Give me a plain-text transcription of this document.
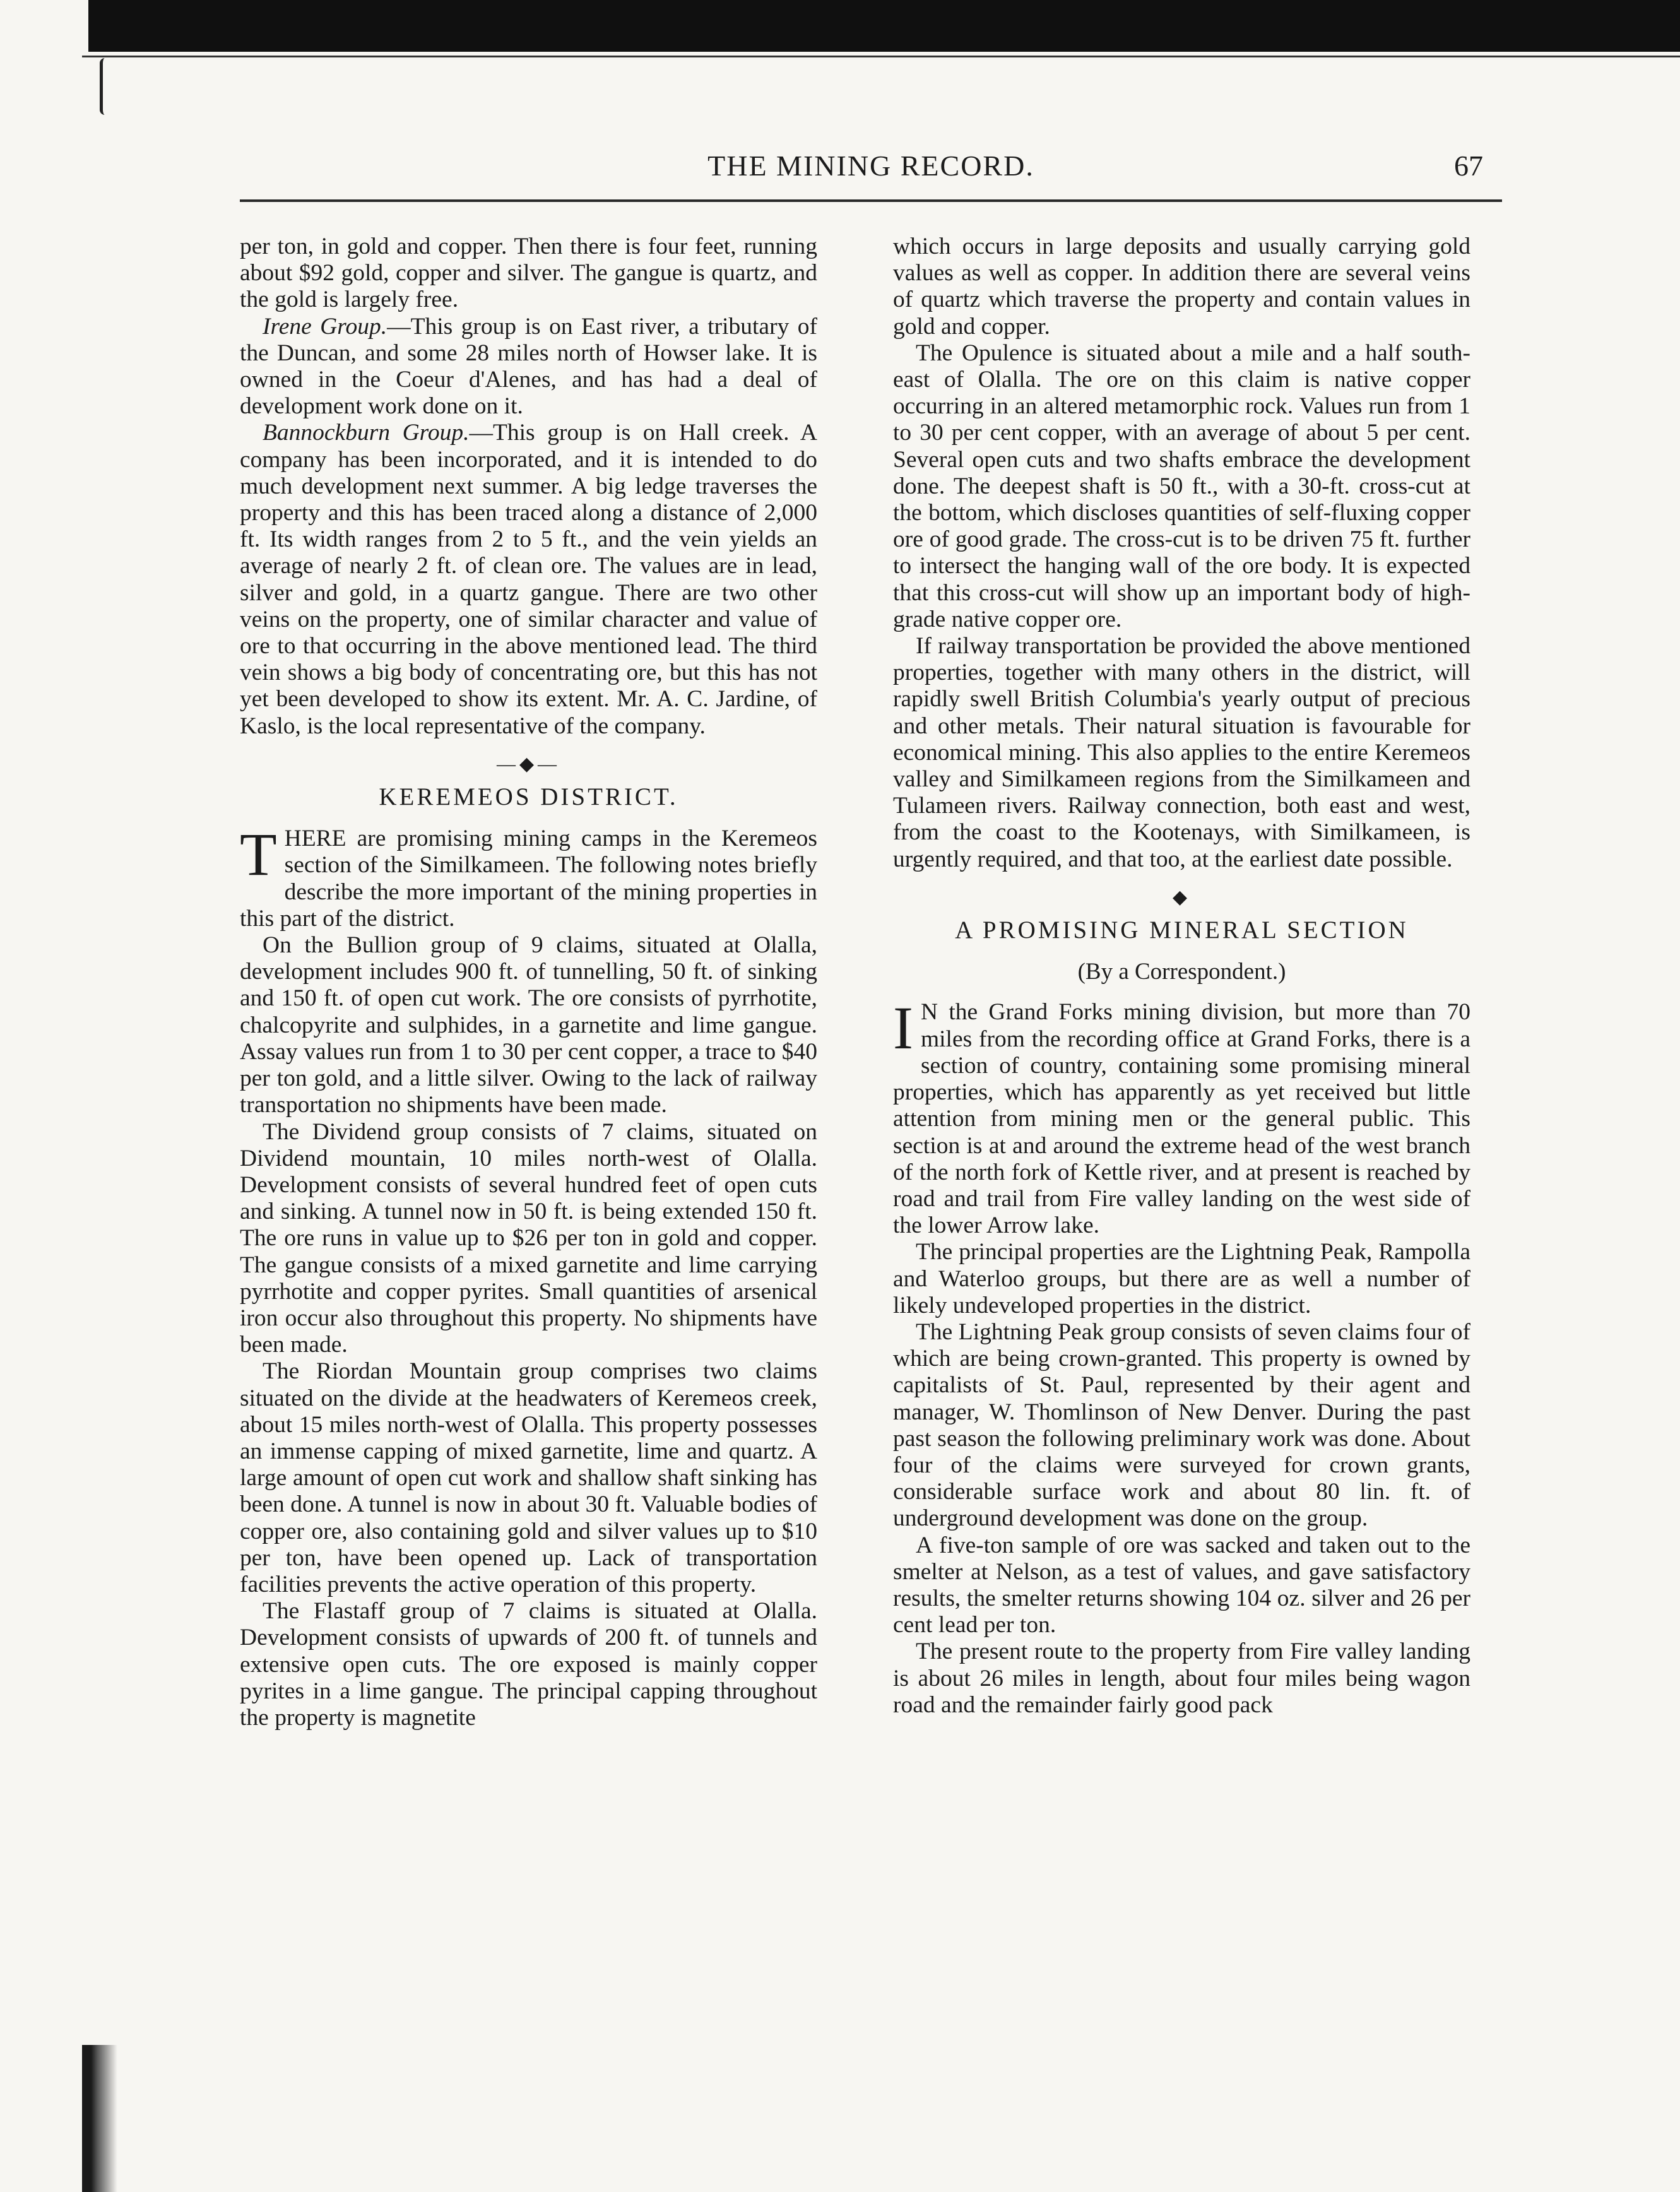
THE MINING RECORD.	67

per ton, in gold and copper. Then there is four feet, running about $92 gold, copper and silver. The gangue is quartz, and the gold is largely free.

Irene Group.—This group is on East river, a tributary of the Duncan, and some 28 miles north of Howser lake. It is owned in the Coeur d'Alenes, and has had a deal of development work done on it.

Bannockburn Group.—This group is on Hall creek. A company has been incorporated, and it is intended to do much development next summer. A big ledge traverses the property and this has been traced along a distance of 2,000 ft. Its width ranges from 2 to 5 ft., and the vein yields an average of nearly 2 ft. of clean ore. The values are in lead, silver and gold, in a quartz gangue. There are two other veins on the property, one of similar character and value of ore to that occurring in the above mentioned lead. The third vein shows a big body of concentrating ore, but this has not yet been developed to show its extent. Mr. A. C. Jardine, of Kaslo, is the local representative of the company.

—◆—
KEREMEOS DISTRICT.

THERE are promising mining camps in the Keremeos section of the Similkameen. The following notes briefly describe the more important of the mining properties in this part of the district.

On the Bullion group of 9 claims, situated at Olalla, development includes 900 ft. of tunnelling, 50 ft. of sinking and 150 ft. of open cut work. The ore consists of pyrrhotite, chalcopyrite and sulphides, in a garnetite and lime gangue. Assay values run from 1 to 30 per cent copper, a trace to $40 per ton gold, and a little silver. Owing to the lack of railway transportation no shipments have been made.

The Dividend group consists of 7 claims, situated on Dividend mountain, 10 miles north-west of Olalla. Development consists of several hundred feet of open cuts and sinking. A tunnel now in 50 ft. is being extended 150 ft. The ore runs in value up to $26 per ton in gold and copper. The gangue consists of a mixed garnetite and lime carrying pyrrhotite and copper pyrites. Small quantities of arsenical iron occur also throughout this property. No shipments have been made.

The Riordan Mountain group comprises two claims situated on the divide at the headwaters of Keremeos creek, about 15 miles north-west of Olalla. This property possesses an immense capping of mixed garnetite, lime and quartz. A large amount of open cut work and shallow shaft sinking has been done. A tunnel is now in about 30 ft. Valuable bodies of copper ore, also containing gold and silver values up to $10 per ton, have been opened up. Lack of transportation facilities prevents the active operation of this property.

The Flastaff group of 7 claims is situated at Olalla. Development consists of upwards of 200 ft. of tunnels and extensive open cuts. The ore exposed is mainly copper pyrites in a lime gangue. The principal capping throughout the property is magnetite

which occurs in large deposits and usually carrying gold values as well as copper. In addition there are several veins of quartz which traverse the property and contain values in gold and copper.

The Opulence is situated about a mile and a half south-east of Olalla. The ore on this claim is native copper occurring in an altered metamorphic rock. Values run from 1 to 30 per cent copper, with an average of about 5 per cent. Several open cuts and two shafts embrace the development done. The deepest shaft is 50 ft., with a 30-ft. cross-cut at the bottom, which discloses quantities of self-fluxing copper ore of good grade. The cross-cut is to be driven 75 ft. further to intersect the hanging wall of the ore body. It is expected that this cross-cut will show up an important body of high-grade native copper ore.

If railway transportation be provided the above mentioned properties, together with many others in the district, will rapidly swell British Columbia's yearly output of precious and other metals. Their natural situation is favourable for economical mining. This also applies to the entire Keremeos valley and Similkameen regions from the Similkameen and Tulameen rivers. Railway connection, both east and west, from the coast to the Kootenays, with Similkameen, is urgently required, and that too, at the earliest date possible.

◆
A PROMISING MINERAL SECTION
(By a Correspondent.)

I N the Grand Forks mining division, but more than 70 miles from the recording office at Grand Forks, there is a section of country, containing some promising mineral properties, which has apparently as yet received but little attention from mining men or the general public. This section is at and around the extreme head of the west branch of the north fork of Kettle river, and at present is reached by road and trail from Fire valley landing on the west side of the lower Arrow lake.

The principal properties are the Lightning Peak, Rampolla and Waterloo groups, but there are as well a number of likely undeveloped properties in the district.

The Lightning Peak group consists of seven claims four of which are being crown-granted. This property is owned by capitalists of St. Paul, represented by their agent and manager, W. Thomlinson of New Denver. During the past past season the following preliminary work was done. About four of the claims were surveyed for crown grants, considerable surface work and about 80 lin. ft. of underground development was done on the group.

A five-ton sample of ore was sacked and taken out to the smelter at Nelson, as a test of values, and gave satisfactory results, the smelter returns showing 104 oz. silver and 26 per cent lead per ton.

The present route to the property from Fire valley landing is about 26 miles in length, about four miles being wagon road and the remainder fairly good pack
